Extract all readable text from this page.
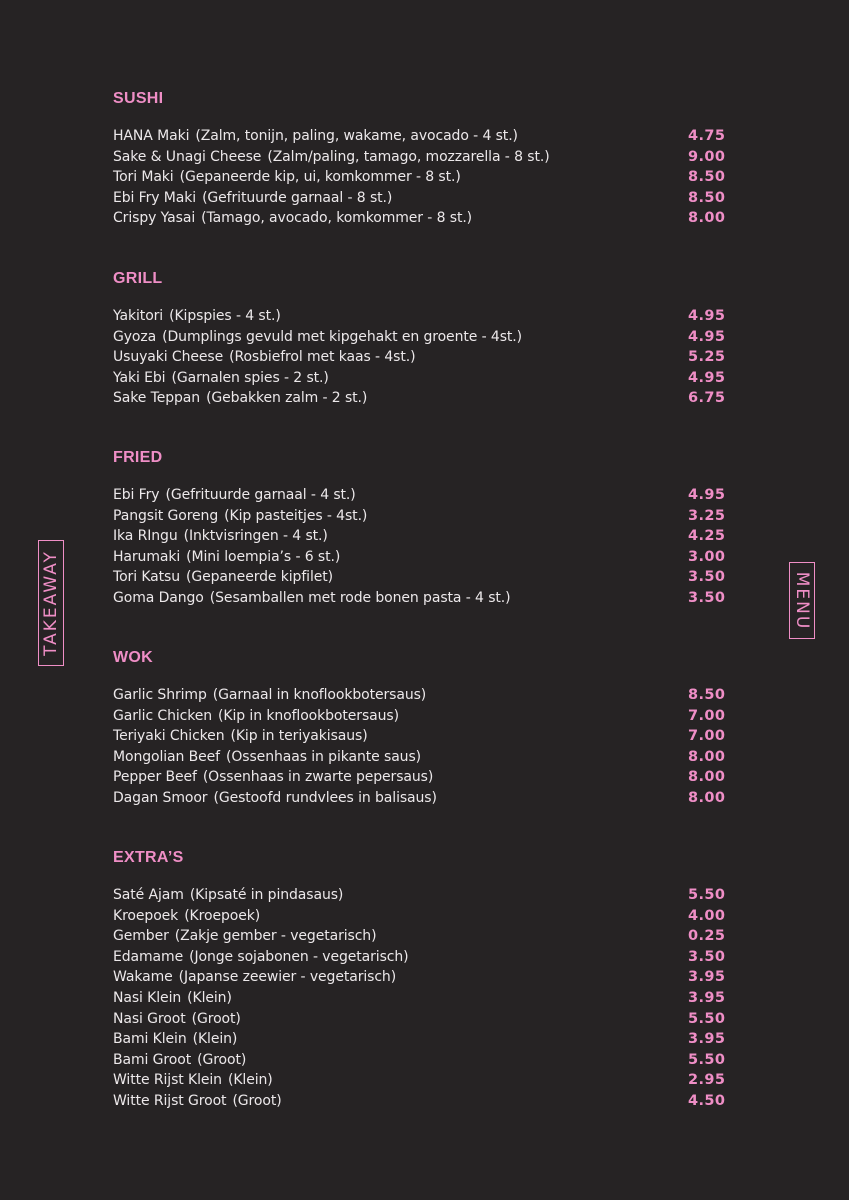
TAKEAWAY	MENU
SUSHI
HANA Maki (Zalm, tonijn, paling, wakame, avocado - 4 st.)	4.75
Sake & Unagi Cheese (Zalm/paling, tamago, mozzarella - 8 st.)	9.00
Tori Maki (Gepaneerde kip, ui, komkommer - 8 st.)	8.50
Ebi Fry Maki (Gefrituurde garnaal - 8 st.)	8.50
Crispy Yasai (Tamago, avocado, komkommer - 8 st.)	8.00
GRILL
Yakitori (Kipspies - 4 st.)	4.95
Gyoza (Dumplings gevuld met kipgehakt en groente - 4st.)	4.95
Usuyaki Cheese (Rosbiefrol met kaas - 4st.)	5.25
Yaki Ebi (Garnalen spies - 2 st.)	4.95
Sake Teppan (Gebakken zalm - 2 st.)	6.75
FRIED
Ebi Fry (Gefrituurde garnaal - 4 st.)	4.95
Pangsit Goreng (Kip pasteitjes - 4st.)	3.25
Ika RIngu (Inktvisringen - 4 st.)	4.25
Harumaki (Mini loempia’s - 6 st.)	3.00
Tori Katsu (Gepaneerde kipfilet)	3.50
Goma Dango (Sesamballen met rode bonen pasta - 4 st.)	3.50
WOK
Garlic Shrimp (Garnaal in knoflookbotersaus)	8.50
Garlic Chicken (Kip in knoflookbotersaus)	7.00
Teriyaki Chicken (Kip in teriyakisaus)	7.00
Mongolian Beef (Ossenhaas in pikante saus)	8.00
Pepper Beef (Ossenhaas in zwarte pepersaus)	8.00
Dagan Smoor (Gestoofd rundvlees in balisaus)	8.00
EXTRA’S
Saté Ajam (Kipsaté in pindasaus)	5.50
Kroepoek (Kroepoek)	4.00
Gember (Zakje gember - vegetarisch)	0.25
Edamame (Jonge sojabonen - vegetarisch)	3.50
Wakame (Japanse zeewier - vegetarisch)	3.95
Nasi Klein (Klein)	3.95
Nasi Groot (Groot)	5.50
Bami Klein (Klein)	3.95
Bami Groot (Groot)	5.50
Witte Rijst Klein (Klein)	2.95
Witte Rijst Groot (Groot)	4.50
